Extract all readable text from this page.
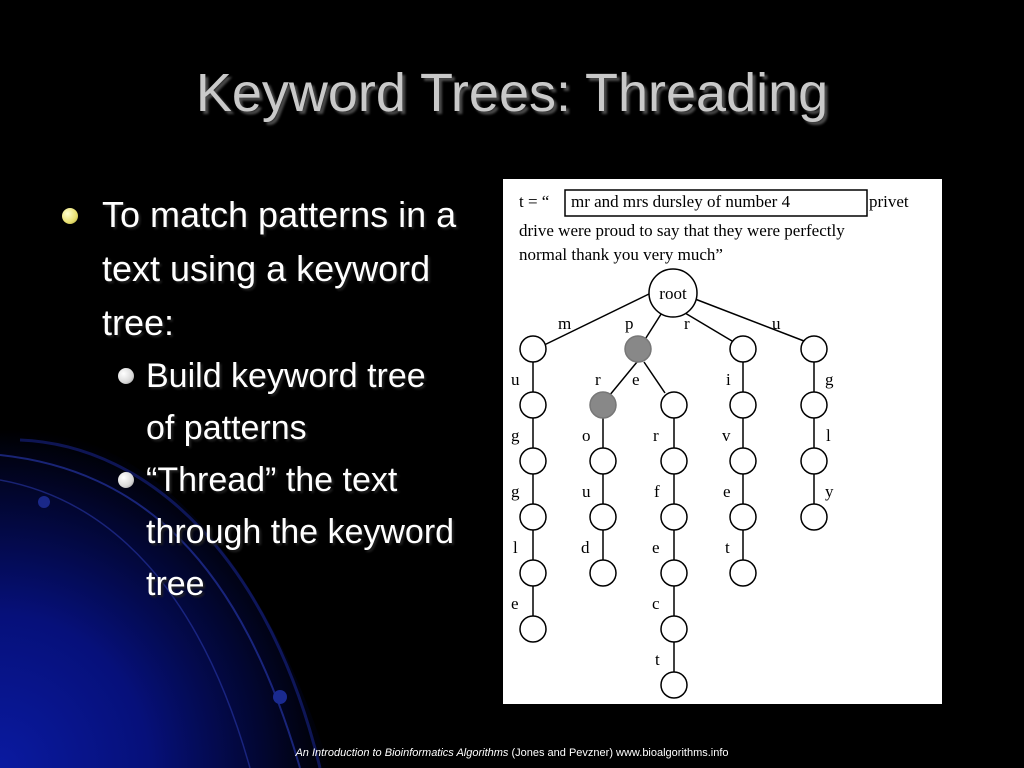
Keyword Trees: Threading
To match patterns in a text using a keyword tree:
Build keyword tree of patterns
“Thread” the text through the keyword tree
t = “ mr and mrs dursley of number 4	privet
drive were proud to say that they were perfectly
normal thank you very much”
root
m	p	r	u
r e
u
g
g
l
e
o
u
d
r
f
e
c
t
i
v
e
t
g
l
y
An Introduction to Bioinformatics Algorithms (Jones and Pevzner) www.bioalgorithms.info
